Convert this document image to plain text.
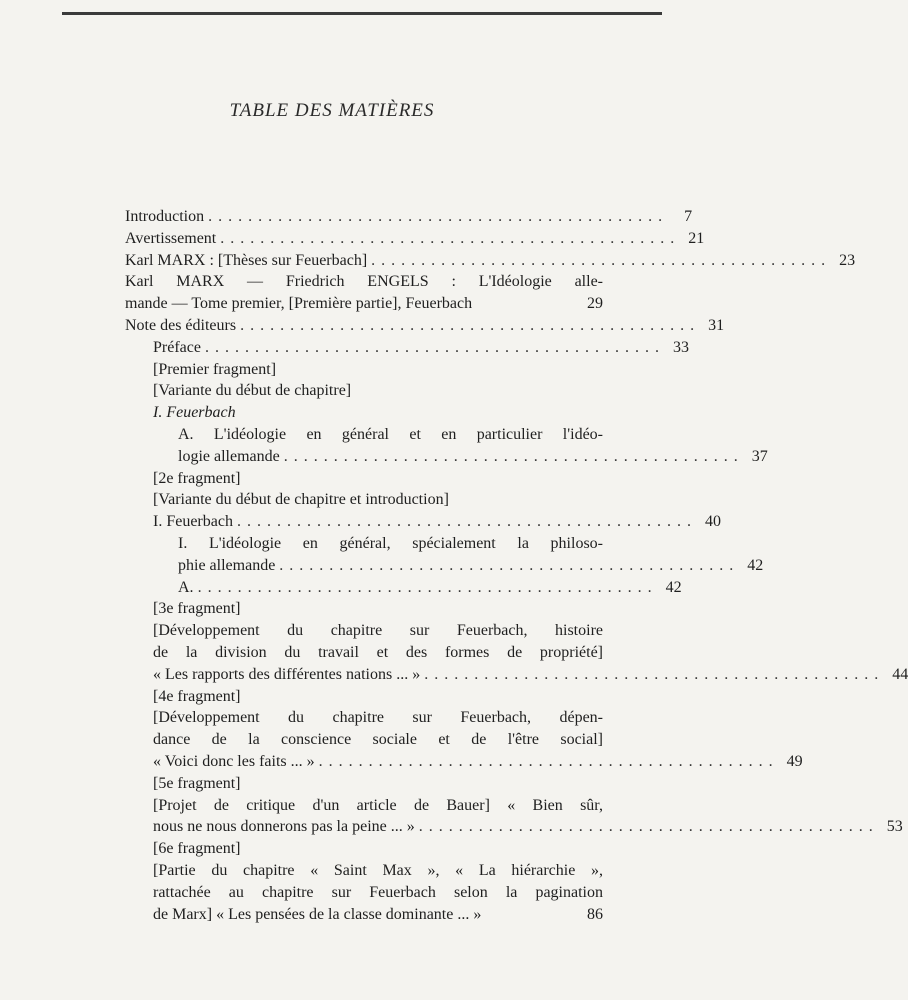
TABLE DES MATIÈRES
Introduction ..............................................	7
Avertissement .............................................. 21
Karl MARX : [Thèses sur Feuerbach] .............................................. 23
Karl MARX — Friedrich ENGELS : L'Idéologie alle-
mande — Tome premier, [Première partie], Feuerbach	29
Note des éditeurs .............................................. 31
Préface .............................................. 33
[Premier fragment]
[Variante du début de chapitre]
I. Feuerbach
A. L'idéologie en général et en particulier l'idéo-
logie allemande .............................................. 37
[2e fragment]
[Variante du début de chapitre et introduction]
I. Feuerbach .............................................. 40
I. L'idéologie en général, spécialement la philoso-
phie allemande .............................................. 42
A. .............................................. 42
[3e fragment]
[Développement du chapitre sur Feuerbach, histoire
de la division du travail et des formes de propriété]
« Les rapports des différentes nations ... » .............................................. 44
[4e fragment]
[Développement du chapitre sur Feuerbach, dépen-
dance de la conscience sociale et de l'être social]
« Voici donc les faits ... » .............................................. 49
[5e fragment]
[Projet de critique d'un article de Bauer] « Bien sûr,
nous ne nous donnerons pas la peine ... » .............................................. 53
[6e fragment]
[Partie du chapitre « Saint Max », « La hiérarchie »,
rattachée au chapitre sur Feuerbach selon la pagination
de Marx] « Les pensées de la classe dominante ... »	86
